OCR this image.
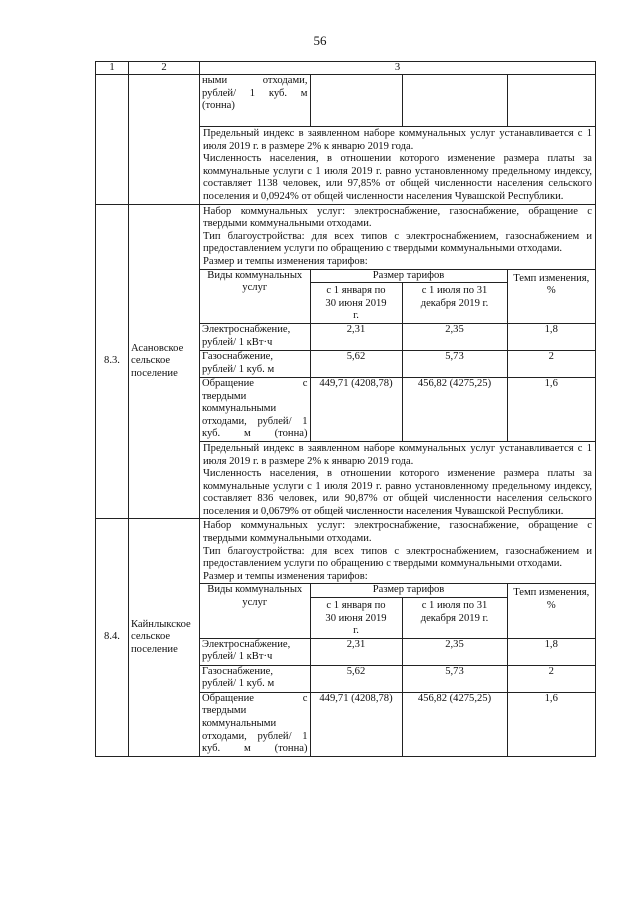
56
1	2	3

ными отходами, рублей/ 1 куб. м (тонна)			

Предельный индекс в заявленном наборе коммунальных услуг устанавливается с 1 июля 2019 г. в размере 2% к январю 2019 года.

Численность населения, в отношении которого изменение размера платы за коммунальные услуги с 1 июля 2019 г. равно установленному предельному индексу, составляет 1138 человек, или 97,85% от общей численности населения сельского поселения и 0,0924% от общей численности населения Чувашской Республики.

8.3.	Асановское сельское поселение	

Набор коммунальных услуг: электроснабжение, газоснабжение, обращение с твердыми коммунальными отходами.

Тип благоустройства: для всех типов с электроснабжением, газоснабжением и предоставлением услуги по обращению с твердыми коммунальными отходами.

Размер и темпы изменения тарифов:

Виды коммунальных услуг	Размер тарифов	Темп изменения, %
с 1 января по 30 июня 2019 г.	с 1 июля по 31 декабря 2019 г.
Электроснабжение, рублей/ 1 кВт·ч	2,31	2,35	1,8
Газоснабжение, рублей/ 1 куб. м	5,62	5,73	2
Обращение с твердыми коммунальными отходами, рублей/ 1 куб. м (тонна)	449,71 (4208,78)	456,82 (4275,25)	1,6

Предельный индекс в заявленном наборе коммунальных услуг устанавливается с 1 июля 2019 г. в размере 2% к январю 2019 года.

Численность населения, в отношении которого изменение размера платы за коммунальные услуги с 1 июля 2019 г. равно установленному предельному индексу, составляет 836 человек, или 90,87% от общей численности населения сельского поселения и 0,0679% от общей численности населения Чувашской Республики.

8.4.	Кайнлыкское сельское поселение	

Набор коммунальных услуг: электроснабжение, газоснабжение, обращение с твердыми коммунальными отходами.

Тип благоустройства: для всех типов с электроснабжением, газоснабжением и предоставлением услуги по обращению с твердыми коммунальными отходами.

Размер и темпы изменения тарифов:

Виды коммунальных услуг	Размер тарифов	Темп изменения, %
с 1 января по 30 июня 2019 г.	с 1 июля по 31 декабря 2019 г.
Электроснабжение, рублей/ 1 кВт·ч	2,31	2,35	1,8
Газоснабжение, рублей/ 1 куб. м	5,62	5,73	2
Обращение с твердыми коммунальными отходами, рублей/ 1 куб. м (тонна)	449,71 (4208,78)	456,82 (4275,25)	1,6
